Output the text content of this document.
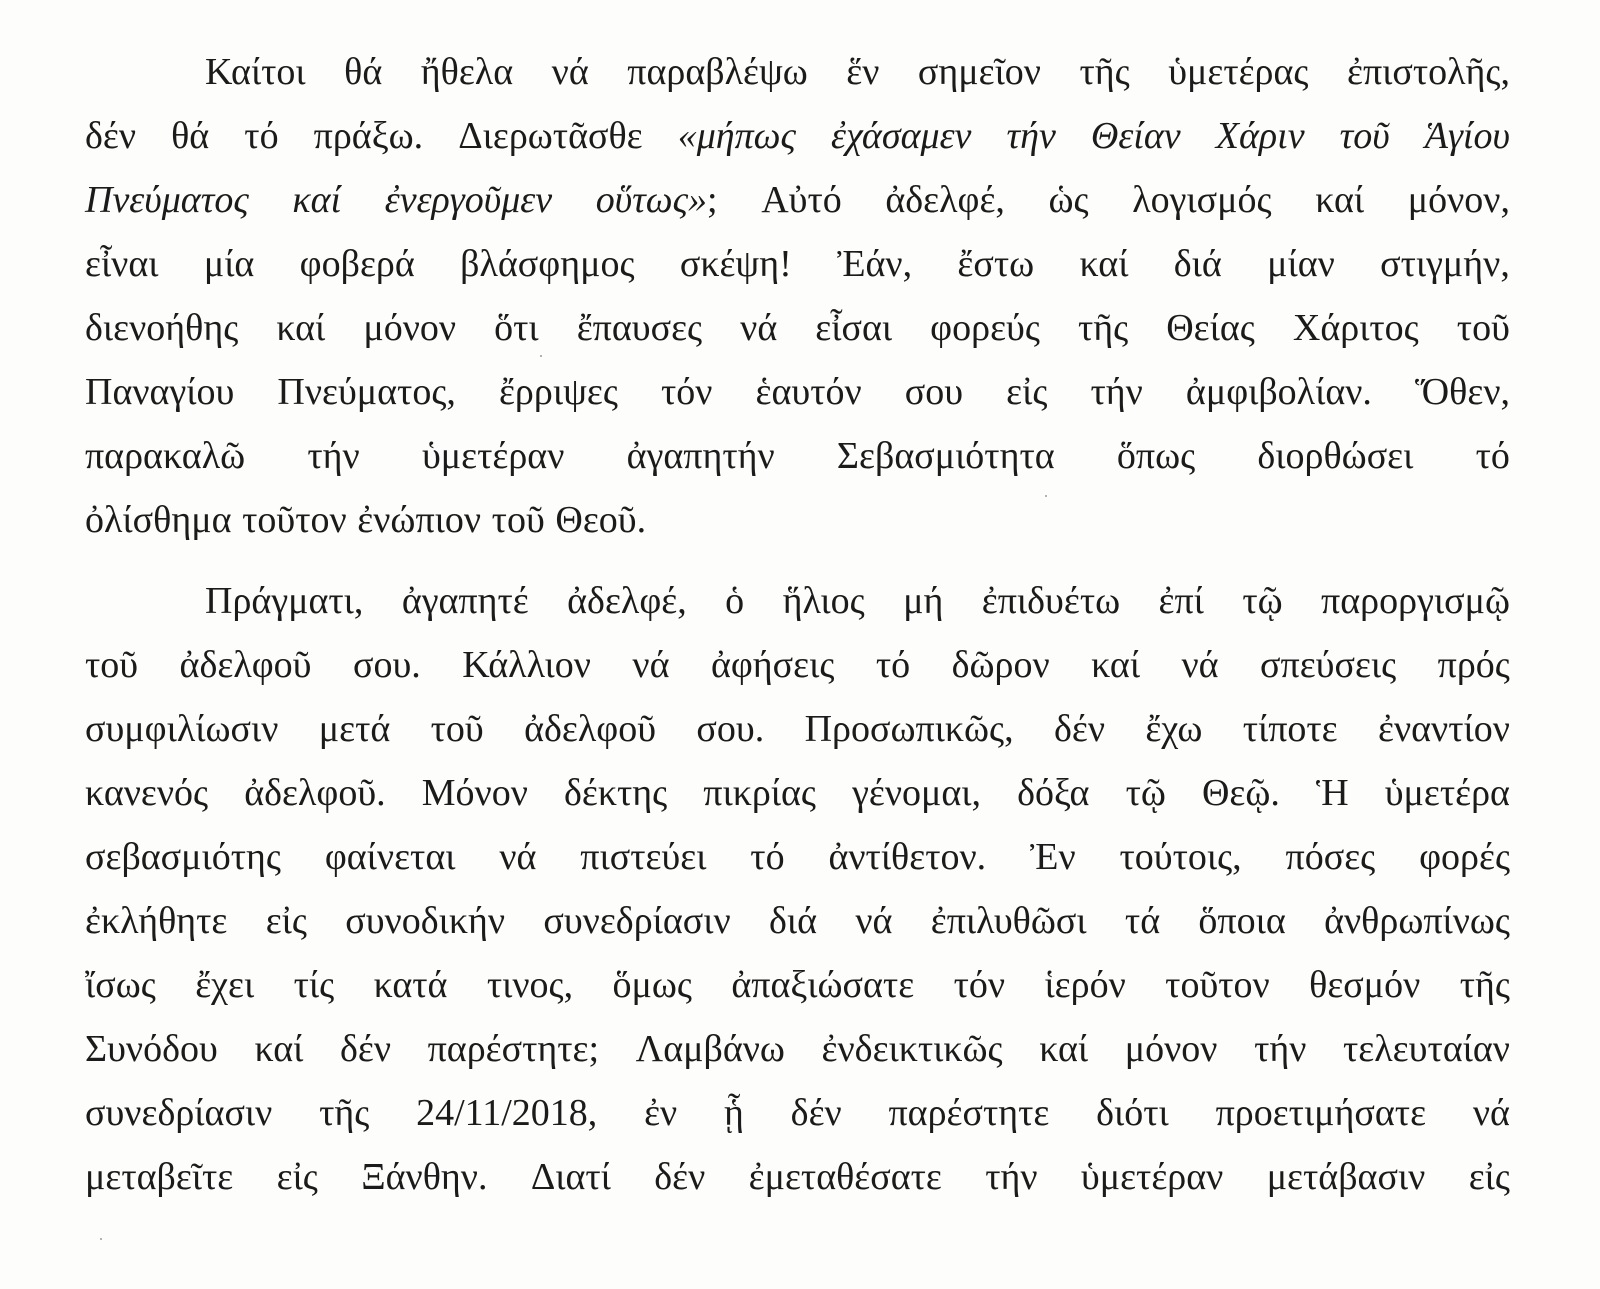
Καίτοι θά ἤθελα νά παραβλέψω ἕν σημεῖον τῆς ὑμετέρας ἐπιστολῆς,
δέν θά τό πράξω. Διερωτᾶσθε «μήπως ἐχάσαμεν τήν Θείαν Χάριν τοῦ Ἁγίου
Πνεύματος καί ἐνεργοῦμεν οὕτως»; Αὐτό ἀδελφέ, ὡς λογισμός καί μόνον,
εἶναι μία φοβερά βλάσφημος σκέψη! Ἐάν, ἔστω καί διά μίαν στιγμήν,
διενοήθης καί μόνον ὅτι ἔπαυσες νά εἶσαι φορεύς τῆς Θείας Χάριτος τοῦ
Παναγίου Πνεύματος, ἔρριψες τόν ἑαυτόν σου εἰς τήν ἀμφιβολίαν. Ὅθεν,
παρακαλῶ τήν ὑμετέραν ἀγαπητήν Σεβασμιότητα ὅπως διορθώσει τό
ὀλίσθημα τοῦτον ἐνώπιον τοῦ Θεοῦ.
Πράγματι, ἀγαπητέ ἀδελφέ, ὁ ἥλιος μή ἐπιδυέτω ἐπί τῷ παροργισμῷ
τοῦ ἀδελφοῦ σου. Κάλλιον νά ἀφήσεις τό δῶρον καί νά σπεύσεις πρός
συμφιλίωσιν μετά τοῦ ἀδελφοῦ σου. Προσωπικῶς, δέν ἔχω τίποτε ἐναντίον
κανενός ἀδελφοῦ. Μόνον δέκτης πικρίας γένομαι, δόξα τῷ Θεῷ. Ἡ ὑμετέρα
σεβασμιότης φαίνεται νά πιστεύει τό ἀντίθετον. Ἐν τούτοις, πόσες φορές
ἐκλήθητε εἰς συνοδικήν συνεδρίασιν διά νά ἐπιλυθῶσι τά ὅποια ἀνθρωπίνως
ἴσως ἔχει τίς κατά τινος, ὅμως ἀπαξιώσατε τόν ἱερόν τοῦτον θεσμόν τῆς
Συνόδου καί δέν παρέστητε; Λαμβάνω ἐνδεικτικῶς καί μόνον τήν τελευταίαν
συνεδρίασιν τῆς 24/11/2018, ἐν ᾗ δέν παρέστητε διότι προετιμήσατε νά
μεταβεῖτε εἰς Ξάνθην. Διατί δέν ἐμεταθέσατε τήν ὑμετέραν μετάβασιν εἰς
